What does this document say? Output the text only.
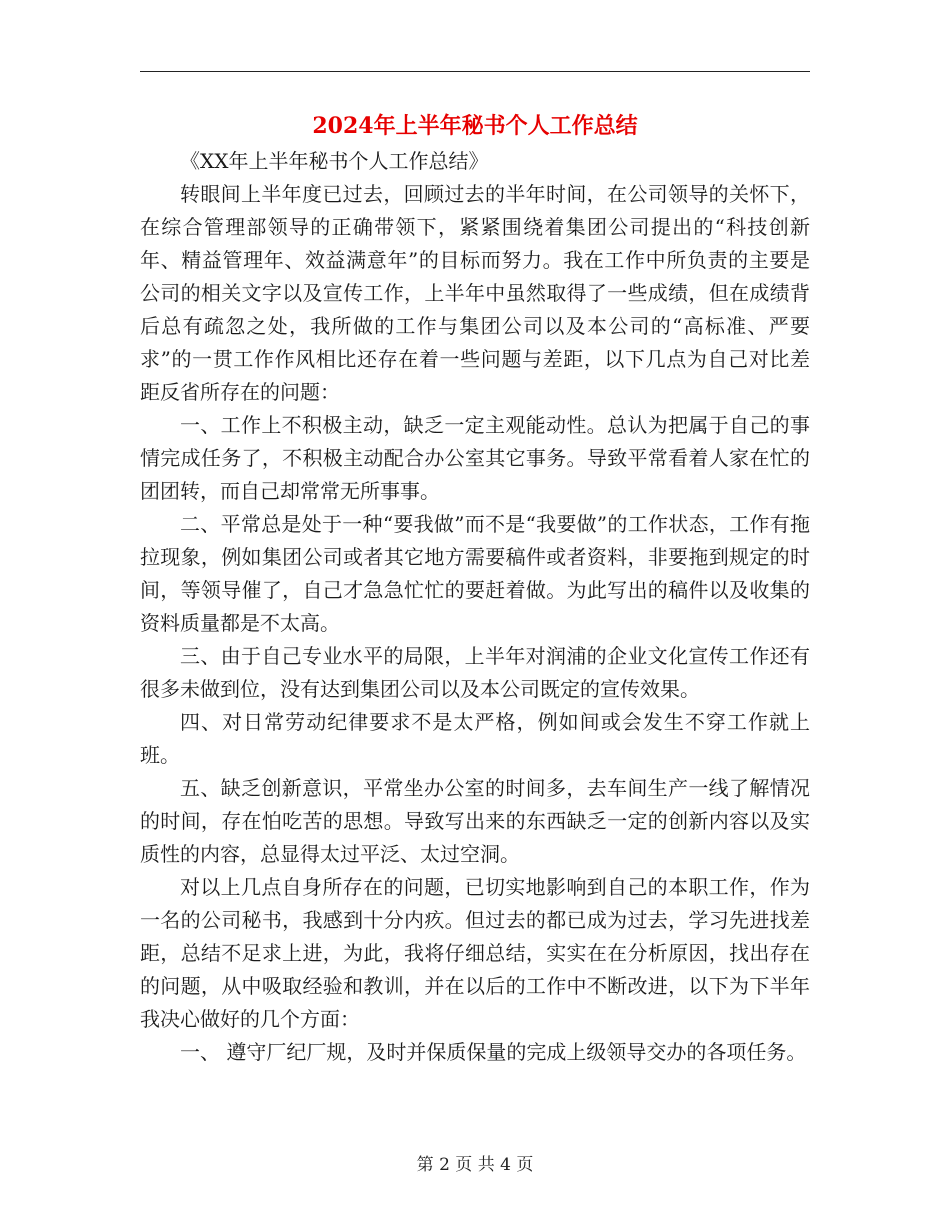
2024年上半年秘书个人工作总结

《XX年上半年秘书个人工作总结》

转眼间上半年度已过去，回顾过去的半年时间，在公司领导的关怀下，在综合管理部领导的正确带领下，紧紧围绕着集团公司提出的“科技创新年、精益管理年、效益满意年”的目标而努力。我在工作中所负责的主要是公司的相关文字以及宣传工作，上半年中虽然取得了一些成绩，但在成绩背后总有疏忽之处，我所做的工作与集团公司以及本公司的“高标准、严要求”的一贯工作作风相比还存在着一些问题与差距，以下几点为自己对比差距反省所存在的问题：

一、工作上不积极主动，缺乏一定主观能动性。总认为把属于自己的事情完成任务了，不积极主动配合办公室其它事务。导致平常看着人家在忙的团团转，而自己却常常无所事事。

二、平常总是处于一种“要我做”而不是“我要做”的工作状态，工作有拖拉现象，例如集团公司或者其它地方需要稿件或者资料，非要拖到规定的时间，等领导催了，自己才急急忙忙的要赶着做。为此写出的稿件以及收集的资料质量都是不太高。

三、由于自己专业水平的局限，上半年对润浦的企业文化宣传工作还有很多未做到位，没有达到集团公司以及本公司既定的宣传效果。

四、对日常劳动纪律要求不是太严格，例如间或会发生不穿工作就上班。

五、缺乏创新意识，平常坐办公室的时间多，去车间生产一线了解情况的时间，存在怕吃苦的思想。导致写出来的东西缺乏一定的创新内容以及实质性的内容，总显得太过平泛、太过空洞。

对以上几点自身所存在的问题，已切实地影响到自己的本职工作，作为一名的公司秘书，我感到十分内疚。但过去的都已成为过去，学习先进找差距，总结不足求上进，为此，我将仔细总结，实实在在分析原因，找出存在的问题，从中吸取经验和教训，并在以后的工作中不断改进，以下为下半年我决心做好的几个方面：

一、 遵守厂纪厂规，及时并保质保量的完成上级领导交办的各项任务。

第 2 页 共 4 页
